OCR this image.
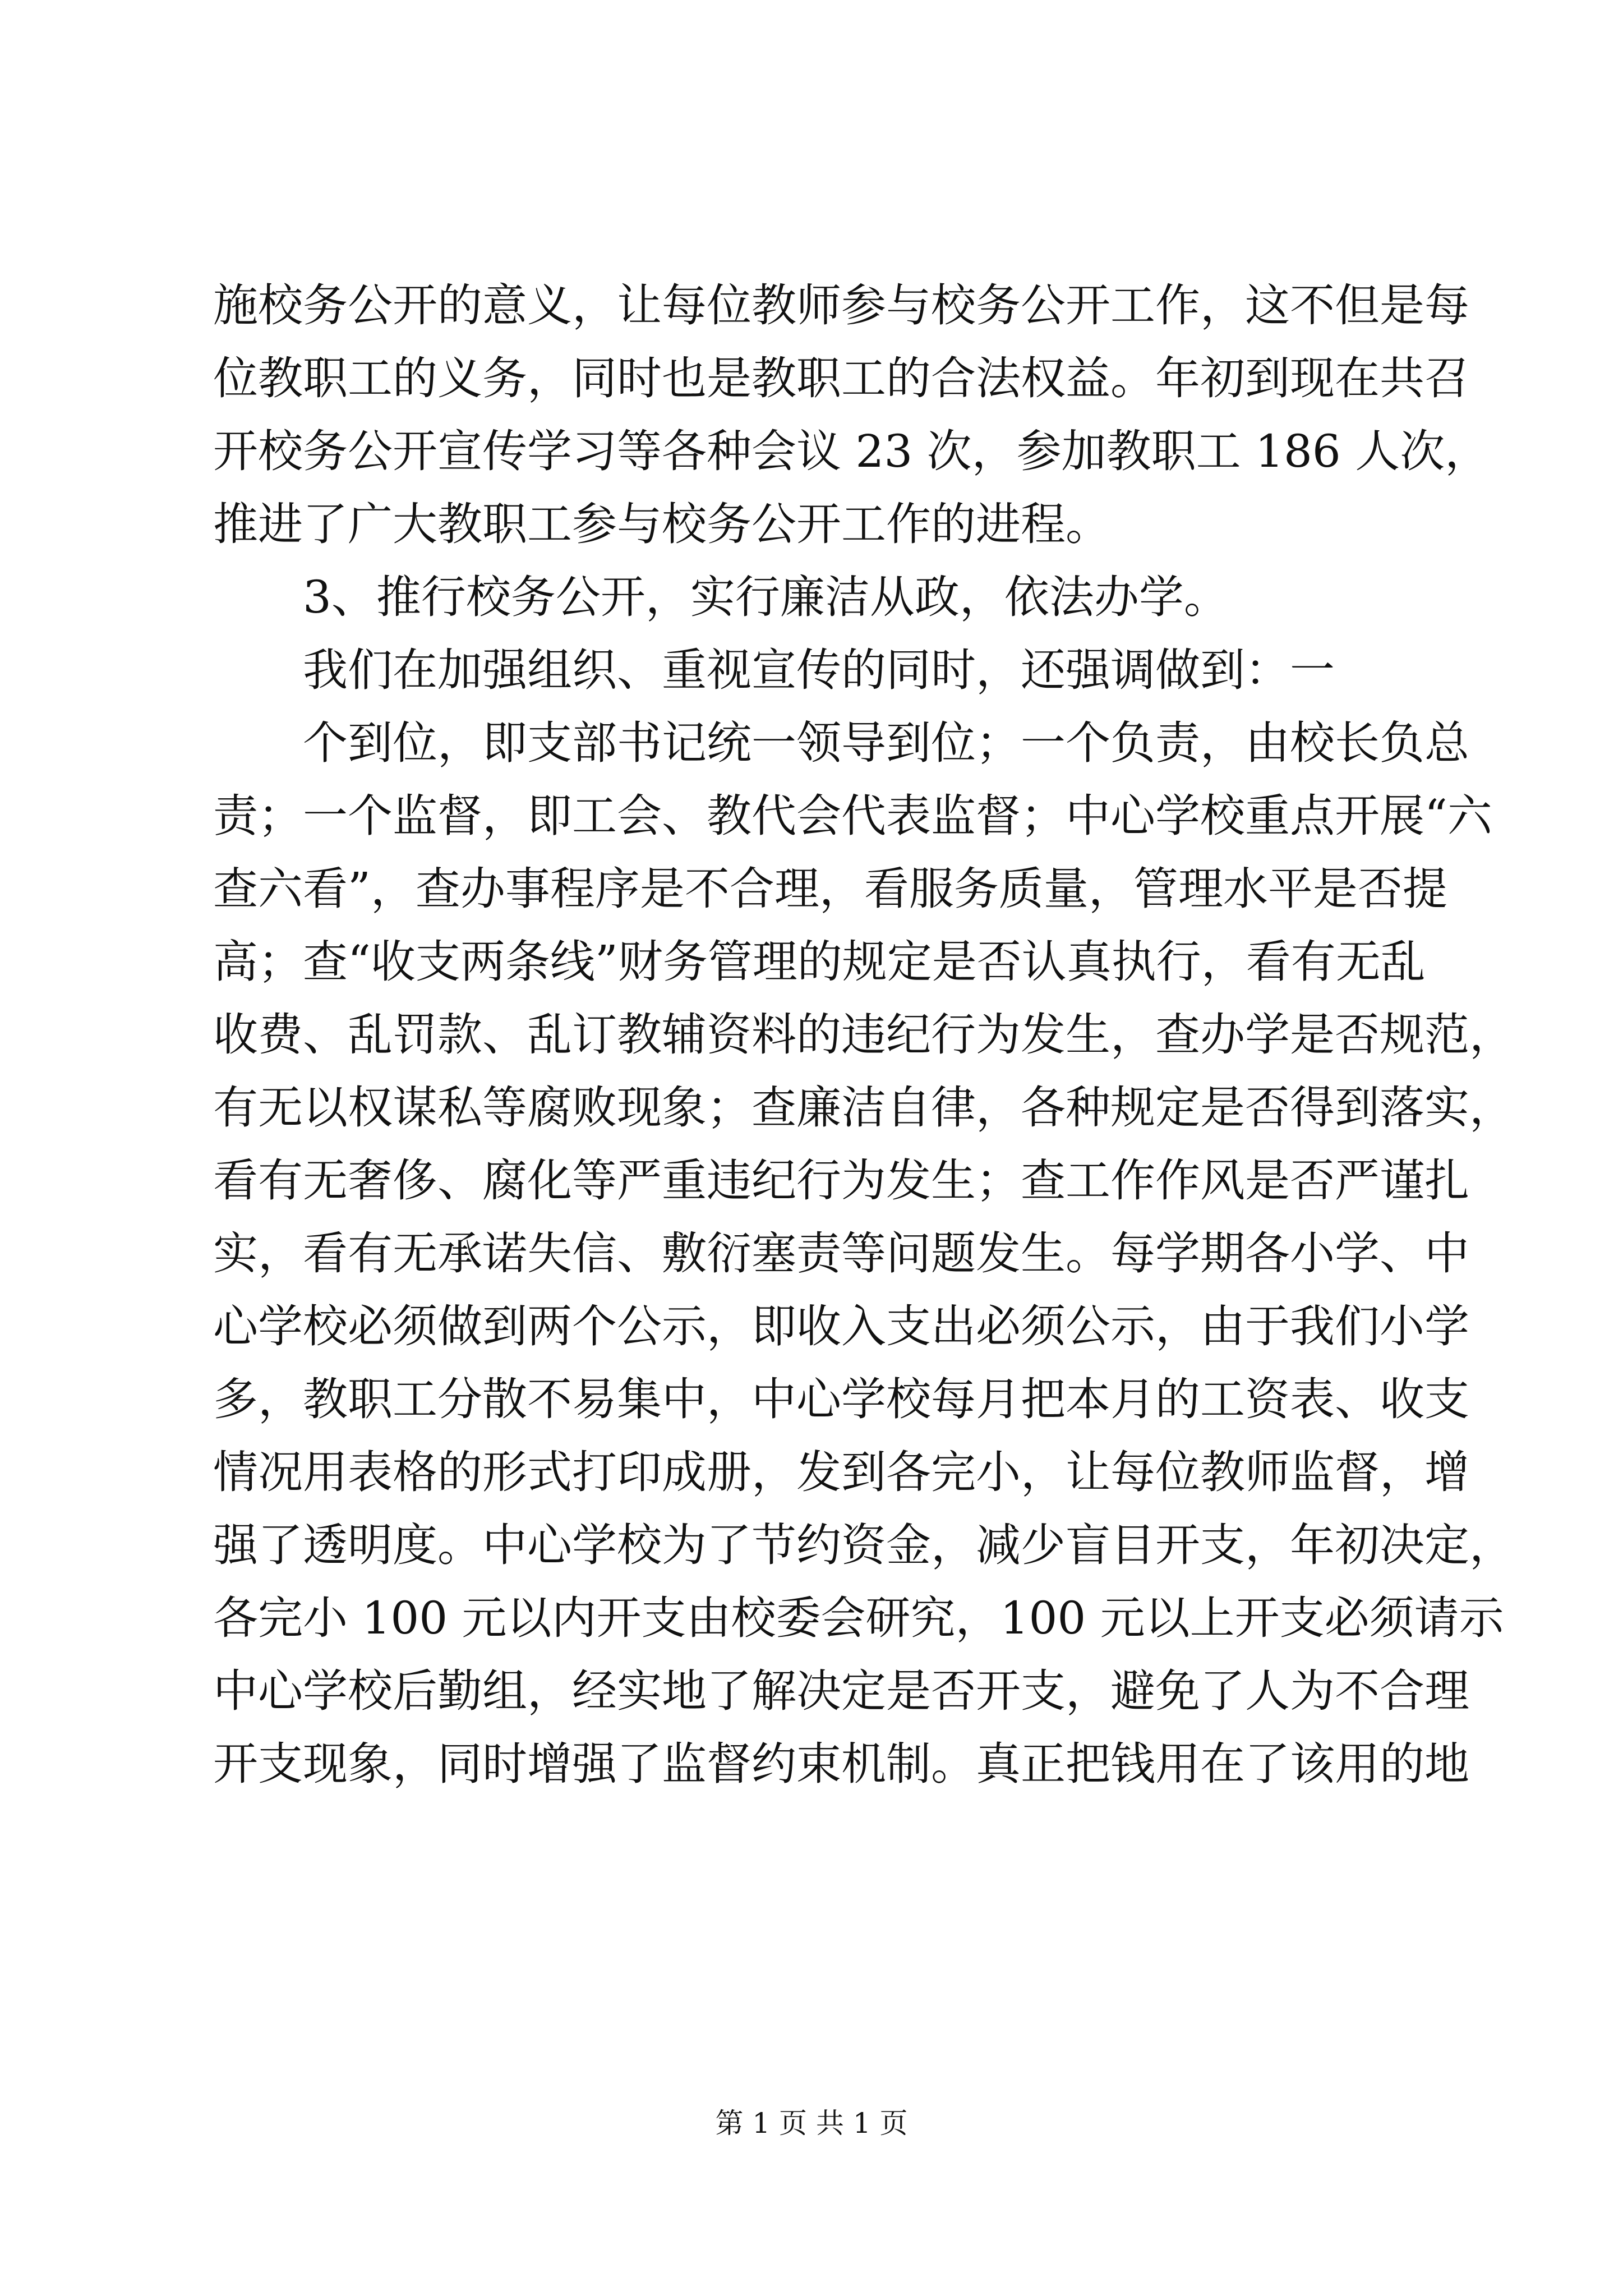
施校务公开的意义，让每位教师参与校务公开工作，这不但是每
位教职工的义务，同时也是教职工的合法权益。年初到现在共召
开校务公开宣传学习等各种会议 23 次，参加教职工 186 人次，
推进了广大教职工参与校务公开工作的进程。
3、推行校务公开，实行廉洁从政，依法办学。
我们在加强组织、重视宣传的同时，还强调做到：一
个到位，即支部书记统一领导到位；一个负责，由校长负总
责；一个监督，即工会、教代会代表监督；中心学校重点开展“六
查六看”，查办事程序是不合理，看服务质量，管理水平是否提
高；查“收支两条线”财务管理的规定是否认真执行，看有无乱
收费、乱罚款、乱订教辅资料的违纪行为发生，查办学是否规范，
有无以权谋私等腐败现象；查廉洁自律，各种规定是否得到落实，
看有无奢侈、腐化等严重违纪行为发生；查工作作风是否严谨扎
实，看有无承诺失信、敷衍塞责等问题发生。每学期各小学、中
心学校必须做到两个公示，即收入支出必须公示，由于我们小学
多，教职工分散不易集中，中心学校每月把本月的工资表、收支
情况用表格的形式打印成册，发到各完小，让每位教师监督，增
强了透明度。中心学校为了节约资金，减少盲目开支，年初决定，
各完小 100 元以内开支由校委会研究，100 元以上开支必须请示
中心学校后勤组，经实地了解决定是否开支，避免了人为不合理
开支现象，同时增强了监督约束机制。真正把钱用在了该用的地
第 1 页 共 1 页
